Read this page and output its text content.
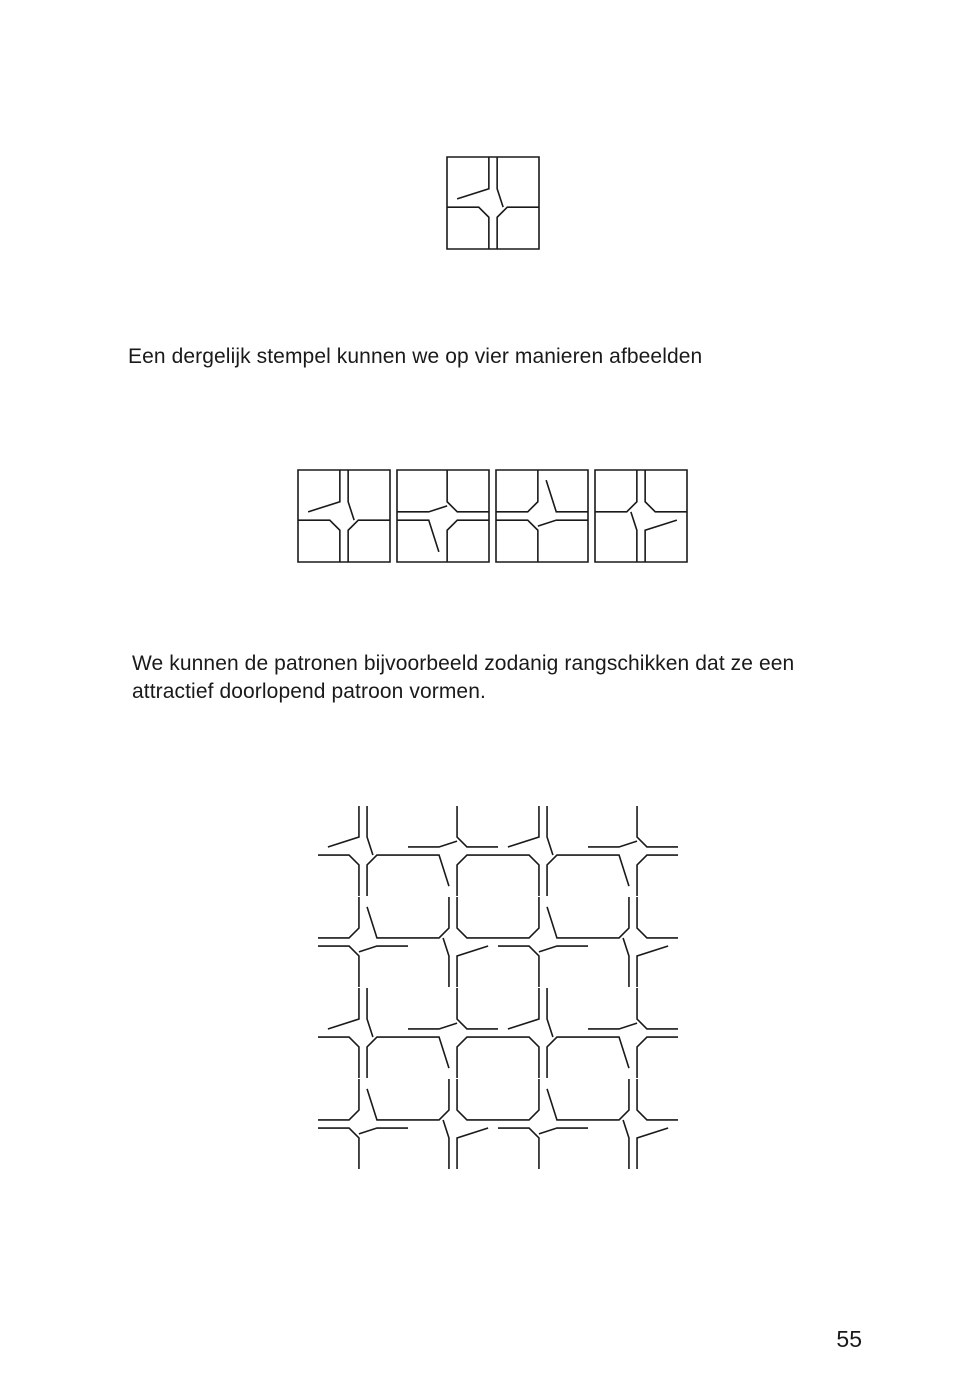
Een dergelijk stempel kunnen we op vier manieren afbeelden

We kunnen de patronen bijvoorbeeld zodanig rangschikken dat ze een
attractief doorlopend patroon vormen.
55
